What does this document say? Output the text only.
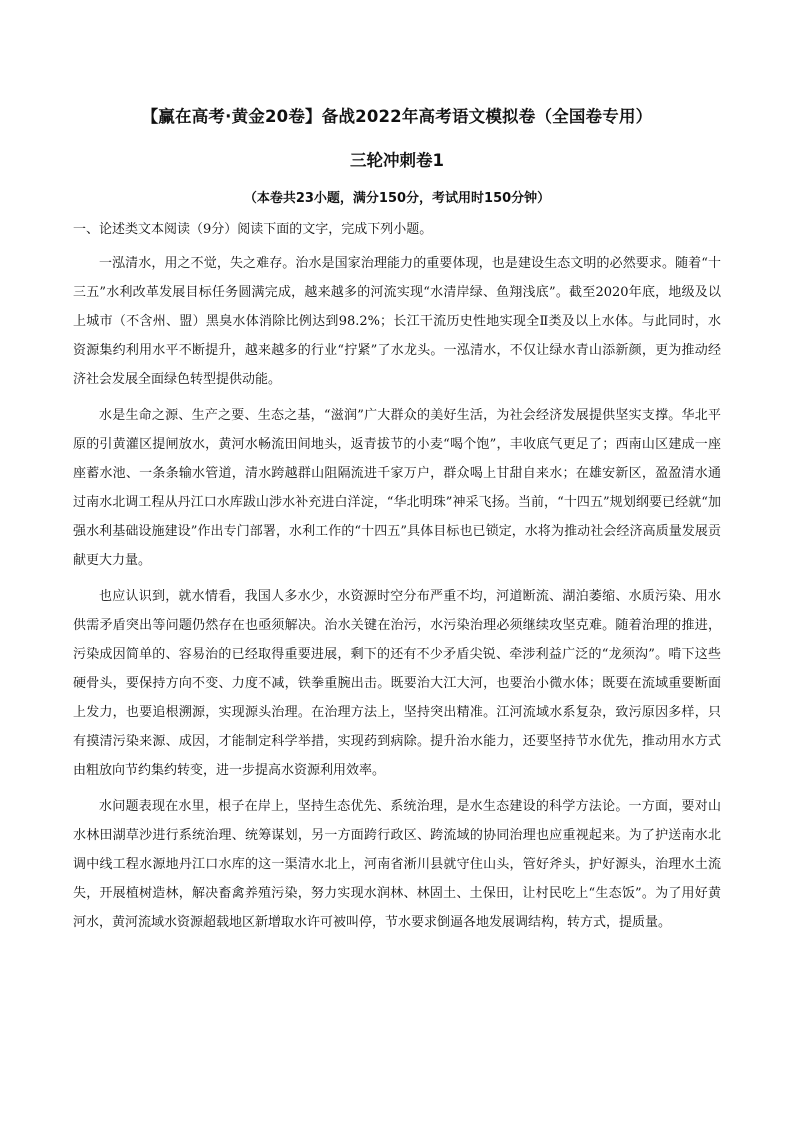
【赢在高考·黄金20卷】备战2022年高考语文模拟卷（全国卷专用）
三轮冲刺卷1
（本卷共23小题，满分150分，考试用时150分钟）
一、论述类文本阅读（9分）阅读下面的文字，完成下列小题。

一泓清水，用之不觉，失之难存。治水是国家治理能力的重要体现，也是建设生态文明的必然要求。随着“十三五”水利改革发展目标任务圆满完成，越来越多的河流实现“水清岸绿、鱼翔浅底”。截至2020年底，地级及以上城市（不含州、盟）黑臭水体消除比例达到98.2%；长江干流历史性地实现全Ⅱ类及以上水体。与此同时，水资源集约利用水平不断提升，越来越多的行业“拧紧”了水龙头。一泓清水，不仅让绿水青山添新颜，更为推动经济社会发展全面绿色转型提供动能。

水是生命之源、生产之要、生态之基，“滋润”广大群众的美好生活，为社会经济发展提供坚实支撑。华北平原的引黄灌区提闸放水，黄河水畅流田间地头，返青拔节的小麦“喝个饱”，丰收底气更足了；西南山区建成一座座蓄水池、一条条输水管道，清水跨越群山阻隔流进千家万户，群众喝上甘甜自来水；在雄安新区，盈盈清水通过南水北调工程从丹江口水库跋山涉水补充进白洋淀，“华北明珠”神采飞扬。当前，“十四五”规划纲要已经就“加强水利基础设施建设”作出专门部署，水利工作的“十四五”具体目标也已锁定，水将为推动社会经济高质量发展贡献更大力量。

也应认识到，就水情看，我国人多水少，水资源时空分布严重不均，河道断流、湖泊萎缩、水质污染、用水供需矛盾突出等问题仍然存在也亟须解决。治水关键在治污，水污染治理必须继续攻坚克难。随着治理的推进，污染成因简单的、容易治的已经取得重要进展，剩下的还有不少矛盾尖锐、牵涉利益广泛的“龙须沟”。啃下这些硬骨头，要保持方向不变、力度不减，铁拳重腕出击。既要治大江大河，也要治小微水体；既要在流域重要断面上发力，也要追根溯源，实现源头治理。在治理方法上，坚持突出精准。江河流域水系复杂，致污原因多样，只有摸清污染来源、成因，才能制定科学举措，实现药到病除。提升治水能力，还要坚持节水优先，推动用水方式由粗放向节约集约转变，进一步提高水资源利用效率。

水问题表现在水里，根子在岸上，坚持生态优先、系统治理，是水生态建设的科学方法论。一方面，要对山水林田湖草沙进行系统治理、统筹谋划，另一方面跨行政区、跨流域的协同治理也应重视起来。为了护送南水北调中线工程水源地丹江口水库的这一渠清水北上，河南省淅川县就守住山头，管好斧头，护好源头，治理水土流失，开展植树造林，解决畜禽养殖污染，努力实现水润林、林固土、土保田，让村民吃上“生态饭”。为了用好黄河水，黄河流域水资源超载地区新增取水许可被叫停，节水要求倒逼各地发展调结构，转方式，提质量。
